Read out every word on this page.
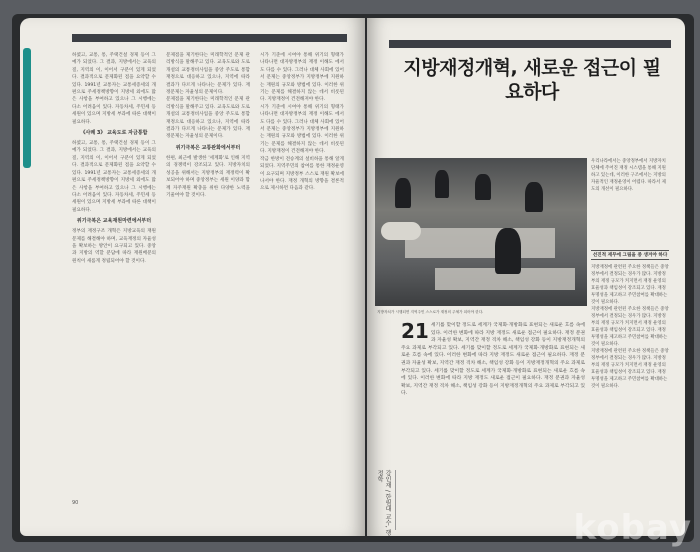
하였고, 교통, 통, 주택건설 경제 등이 그 예가 되었다. 그 결과, 지방에서는 교육의 질, 지역의 이, 이어서 구분이 있게 되었다. 결과적으로 문제화된 점을 요약할 수 있다. 1991년 교통자는 교통세증세의 개편으로 주세정책방향이 지방세 외에도 많은 사항을 부여하고 있으나 그 시행에는 다소 어려움이 있다. 자동차세, 주민세 등 세원이 있으며 지방세 부과에 따른 대책이 필요하다.
《사례 3》 교육도로 자금통합
하였고, 교통, 통, 주택건설 경제 등이 그 예가 되었다. 그 결과, 지방에서는 교육의 질, 지역의 이, 이어서 구분이 있게 되었다. 결과적으로 문제화된 점을 요약할 수 있다. 1991년 교통자는 교통세증세의 개편으로 주세정책방향이 지방세 외에도 많은 사항을 부여하고 있으나 그 시행에는 다소 어려움이 있다. 자동차세, 주민세 등 세원이 있으며 지방세 부과에 따른 대책이 필요하다.
위기극복은 교육재원마련에서부터
정부의 재정구조 개혁은 지방교육의 재원문제를 해결해야 하며, 교육재정의 자율성을 확보하는 방안이 요구되고 있다. 중앙과 지방의 역할 분담에 따라 재원배분의 원칙이 새롭게 정립되어야 할 것이다.
문제점을 제기한다는 미래학적인 문제 관리방식을 말해주고 있다. 교육도로와 도로개설의 교통정비사업을 중앙 주도로 통합재정으로 대응하고 있으나, 지역에 따라 결과가 다르게 나타나는 문제가 있다. 재정문제는 자율성의 문제이다.
문제점을 제기한다는 미래학적인 문제 관리방식을 말해주고 있다. 교육도로와 도로개설의 교통정비사업을 중앙 주도로 통합재정으로 대응하고 있으나, 지역에 따라 결과가 다르게 나타나는 문제가 있다. 재정문제는 자율성의 문제이다.
위기극복은 교통완화에서부터
한편, 최근에 발생한 '세계화'로 인해 지역의 경쟁력이 강조되고 있다. 지방자치의 성공을 위해서는 지방정부의 재정력이 확보되어야 하며 중앙정부는 세원 이양과 함께 자주재원 확충을 위한 다양한 노력을 기울여야 할 것이다.
시가 기준에 시여야 통해 위기의 형태가 나타나면 대자방정부의 재정 이해도 에서도 다를 수 있다. 그러나 대체 사회에 있어서 문제는 중앙정부가 지방정부에 지원하는 재원의 규모와 방법에 있다. 이러한 위기는 문제를 해결하지 않는 데서 비롯된다. 지방재정이 건전해져야 한다.
시가 기준에 시여야 통해 위기의 형태가 나타나면 대자방정부의 재정 이해도 에서도 다를 수 있다. 그러나 대체 사회에 있어서 문제는 중앙정부가 지방정부에 지원하는 재원의 규모와 방법에 있다. 이러한 위기는 문제를 해결하지 않는 데서 비롯된다. 지방재정이 건전해져야 한다.
작금 한방이 전승계의 설비하을 통해 알게 되었다. 지역주민의 참여를 통한 재정운영이 요구되며 지방정부 스스로 재원 확보에 나서야 한다. 재정 개혁의 방향을 결론적으로 제시하면 다음과 같다.
90
지방재정개혁, 새로운 접근이 필요하다
지방자치가 시행되면 지역주민 스스로가 재정의 주체가 되어야 한다.
우리나라에서는 중앙정부에서 지방자치단체에 주어진 재정 시스템을 통해 지원하고 있는데, 이러한 구조에서는 지방의 자율적인 재정운영이 어렵다. 따라서 제도의 개선이 필요하다.
선진적 재무에 그림을 중 생겨야 하다
지방재정에 관련된 주요한 정책들은 중앙정부에서 결정되는 경우가 많다. 지방정부의 재정 규모가 커지면서 재정 운영의 효율성과 책임성이 강조되고 있다. 재정 투명성을 제고하고 주민참여를 확대하는 것이 필요하다.
지방재정에 관련된 주요한 정책들은 중앙정부에서 결정되는 경우가 많다. 지방정부의 재정 규모가 커지면서 재정 운영의 효율성과 책임성이 강조되고 있다. 재정 투명성을 제고하고 주민참여를 확대하는 것이 필요하다.
지방재정에 관련된 주요한 정책들은 중앙정부에서 결정되는 경우가 많다. 지방정부의 재정 규모가 커지면서 재정 운영의 효율성과 책임성이 강조되고 있다. 재정 투명성을 제고하고 주민참여를 확대하는 것이 필요하다.
21 세기를 맞이할 정도로 세계가 국제화·개방화로 표현되는 새로운 흐름 속에 있다. 이러한 변화에 따라 지방 재정도 새로운 접근이 필요하다. 재정 분권과 자율성 확보, 지역간 재정 격차 해소, 책임성 강화 등이 지방재정개혁의 주요 과제로 부각되고 있다. 세기를 맞이할 정도로 세계가 국제화·개방화로 표현되는 새로운 흐름 속에 있다. 이러한 변화에 따라 지방 재정도 새로운 접근이 필요하다. 재정 분권과 자율성 확보, 지역간 재정 격차 해소, 책임성 강화 등이 지방재정개혁의 주요 과제로 부각되고 있다. 세기를 맞이할 정도로 세계가 국제화·개방화로 표현되는 새로운 흐름 속에 있다. 이러한 변화에 따라 지방 재정도 새로운 접근이 필요하다. 재정 분권과 자율성 확보, 지역간 재정 격차 해소, 책임성 강화 등이 지방재정개혁의 주요 과제로 부각되고 있다.
강인재 / 한림대 교수, 행정학
kobay
